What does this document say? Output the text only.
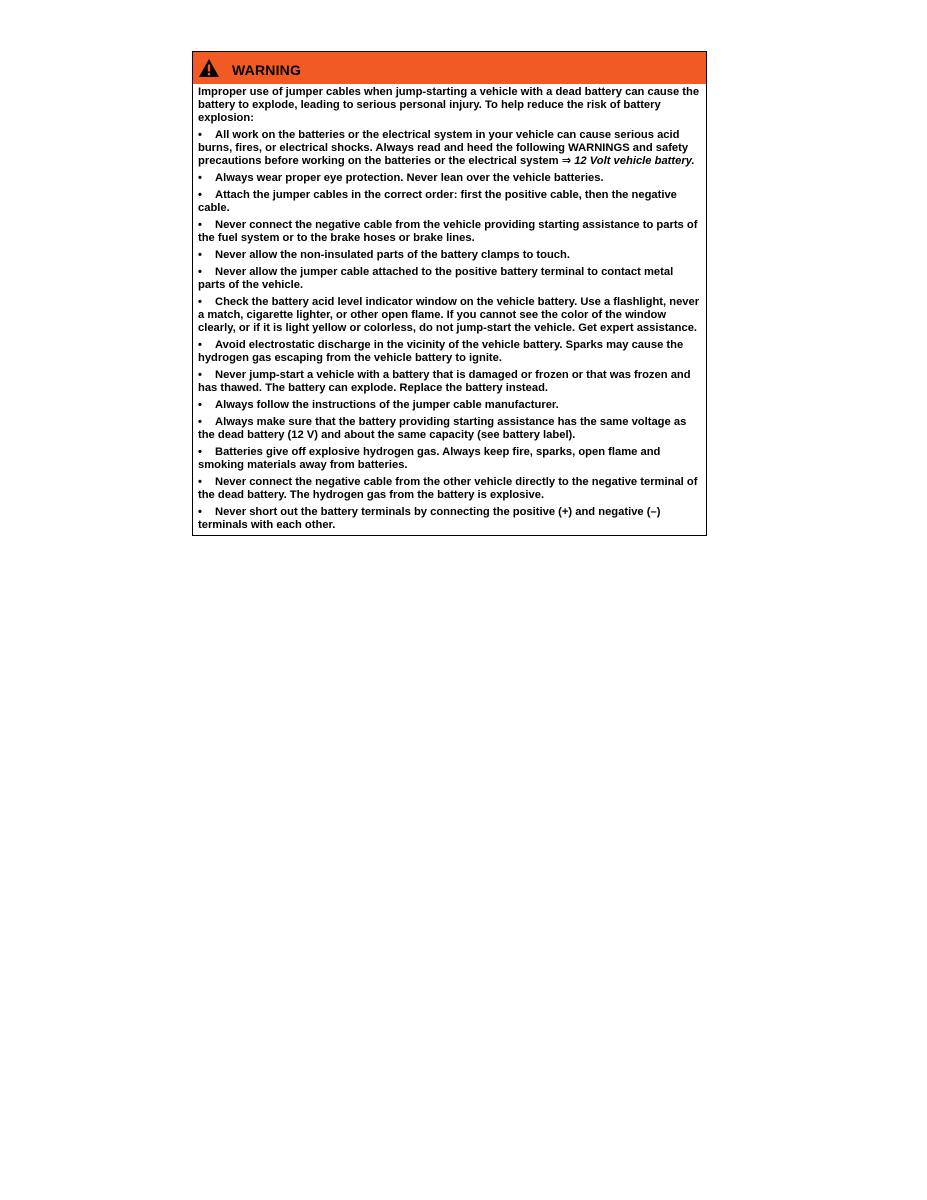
WARNING

Improper use of jumper cables when jump-starting a vehicle with a dead battery can cause the battery to explode, leading to serious personal injury. To help reduce the risk of battery explosion:

• All work on the batteries or the electrical system in your vehicle can cause serious acid burns, fires, or electrical shocks. Always read and heed the following WARNINGS and safety precautions before working on the batteries or the electrical system ⇒ 12 Volt vehicle battery.
• Always wear proper eye protection. Never lean over the vehicle batteries.
• Attach the jumper cables in the correct order: first the positive cable, then the negative cable.
• Never connect the negative cable from the vehicle providing starting assistance to parts of the fuel system or to the brake hoses or brake lines.
• Never allow the non-insulated parts of the battery clamps to touch.
• Never allow the jumper cable attached to the positive battery terminal to contact metal parts of the vehicle.
• Check the battery acid level indicator window on the vehicle battery. Use a flashlight, never a match, cigarette lighter, or other open flame. If you cannot see the color of the window clearly, or if it is light yellow or colorless, do not jump-start the vehicle. Get expert assistance.
• Avoid electrostatic discharge in the vicinity of the vehicle battery. Sparks may cause the hydrogen gas escaping from the vehicle battery to ignite.
• Never jump-start a vehicle with a battery that is damaged or frozen or that was frozen and has thawed. The battery can explode. Replace the battery instead.
• Always follow the instructions of the jumper cable manufacturer.
• Always make sure that the battery providing starting assistance has the same voltage as the dead battery (12 V) and about the same capacity (see battery label).
• Batteries give off explosive hydrogen gas. Always keep fire, sparks, open flame and smoking materials away from batteries.
• Never connect the negative cable from the other vehicle directly to the negative terminal of the dead battery. The hydrogen gas from the battery is explosive.
• Never short out the battery terminals by connecting the positive (+) and negative (–) terminals with each other.
